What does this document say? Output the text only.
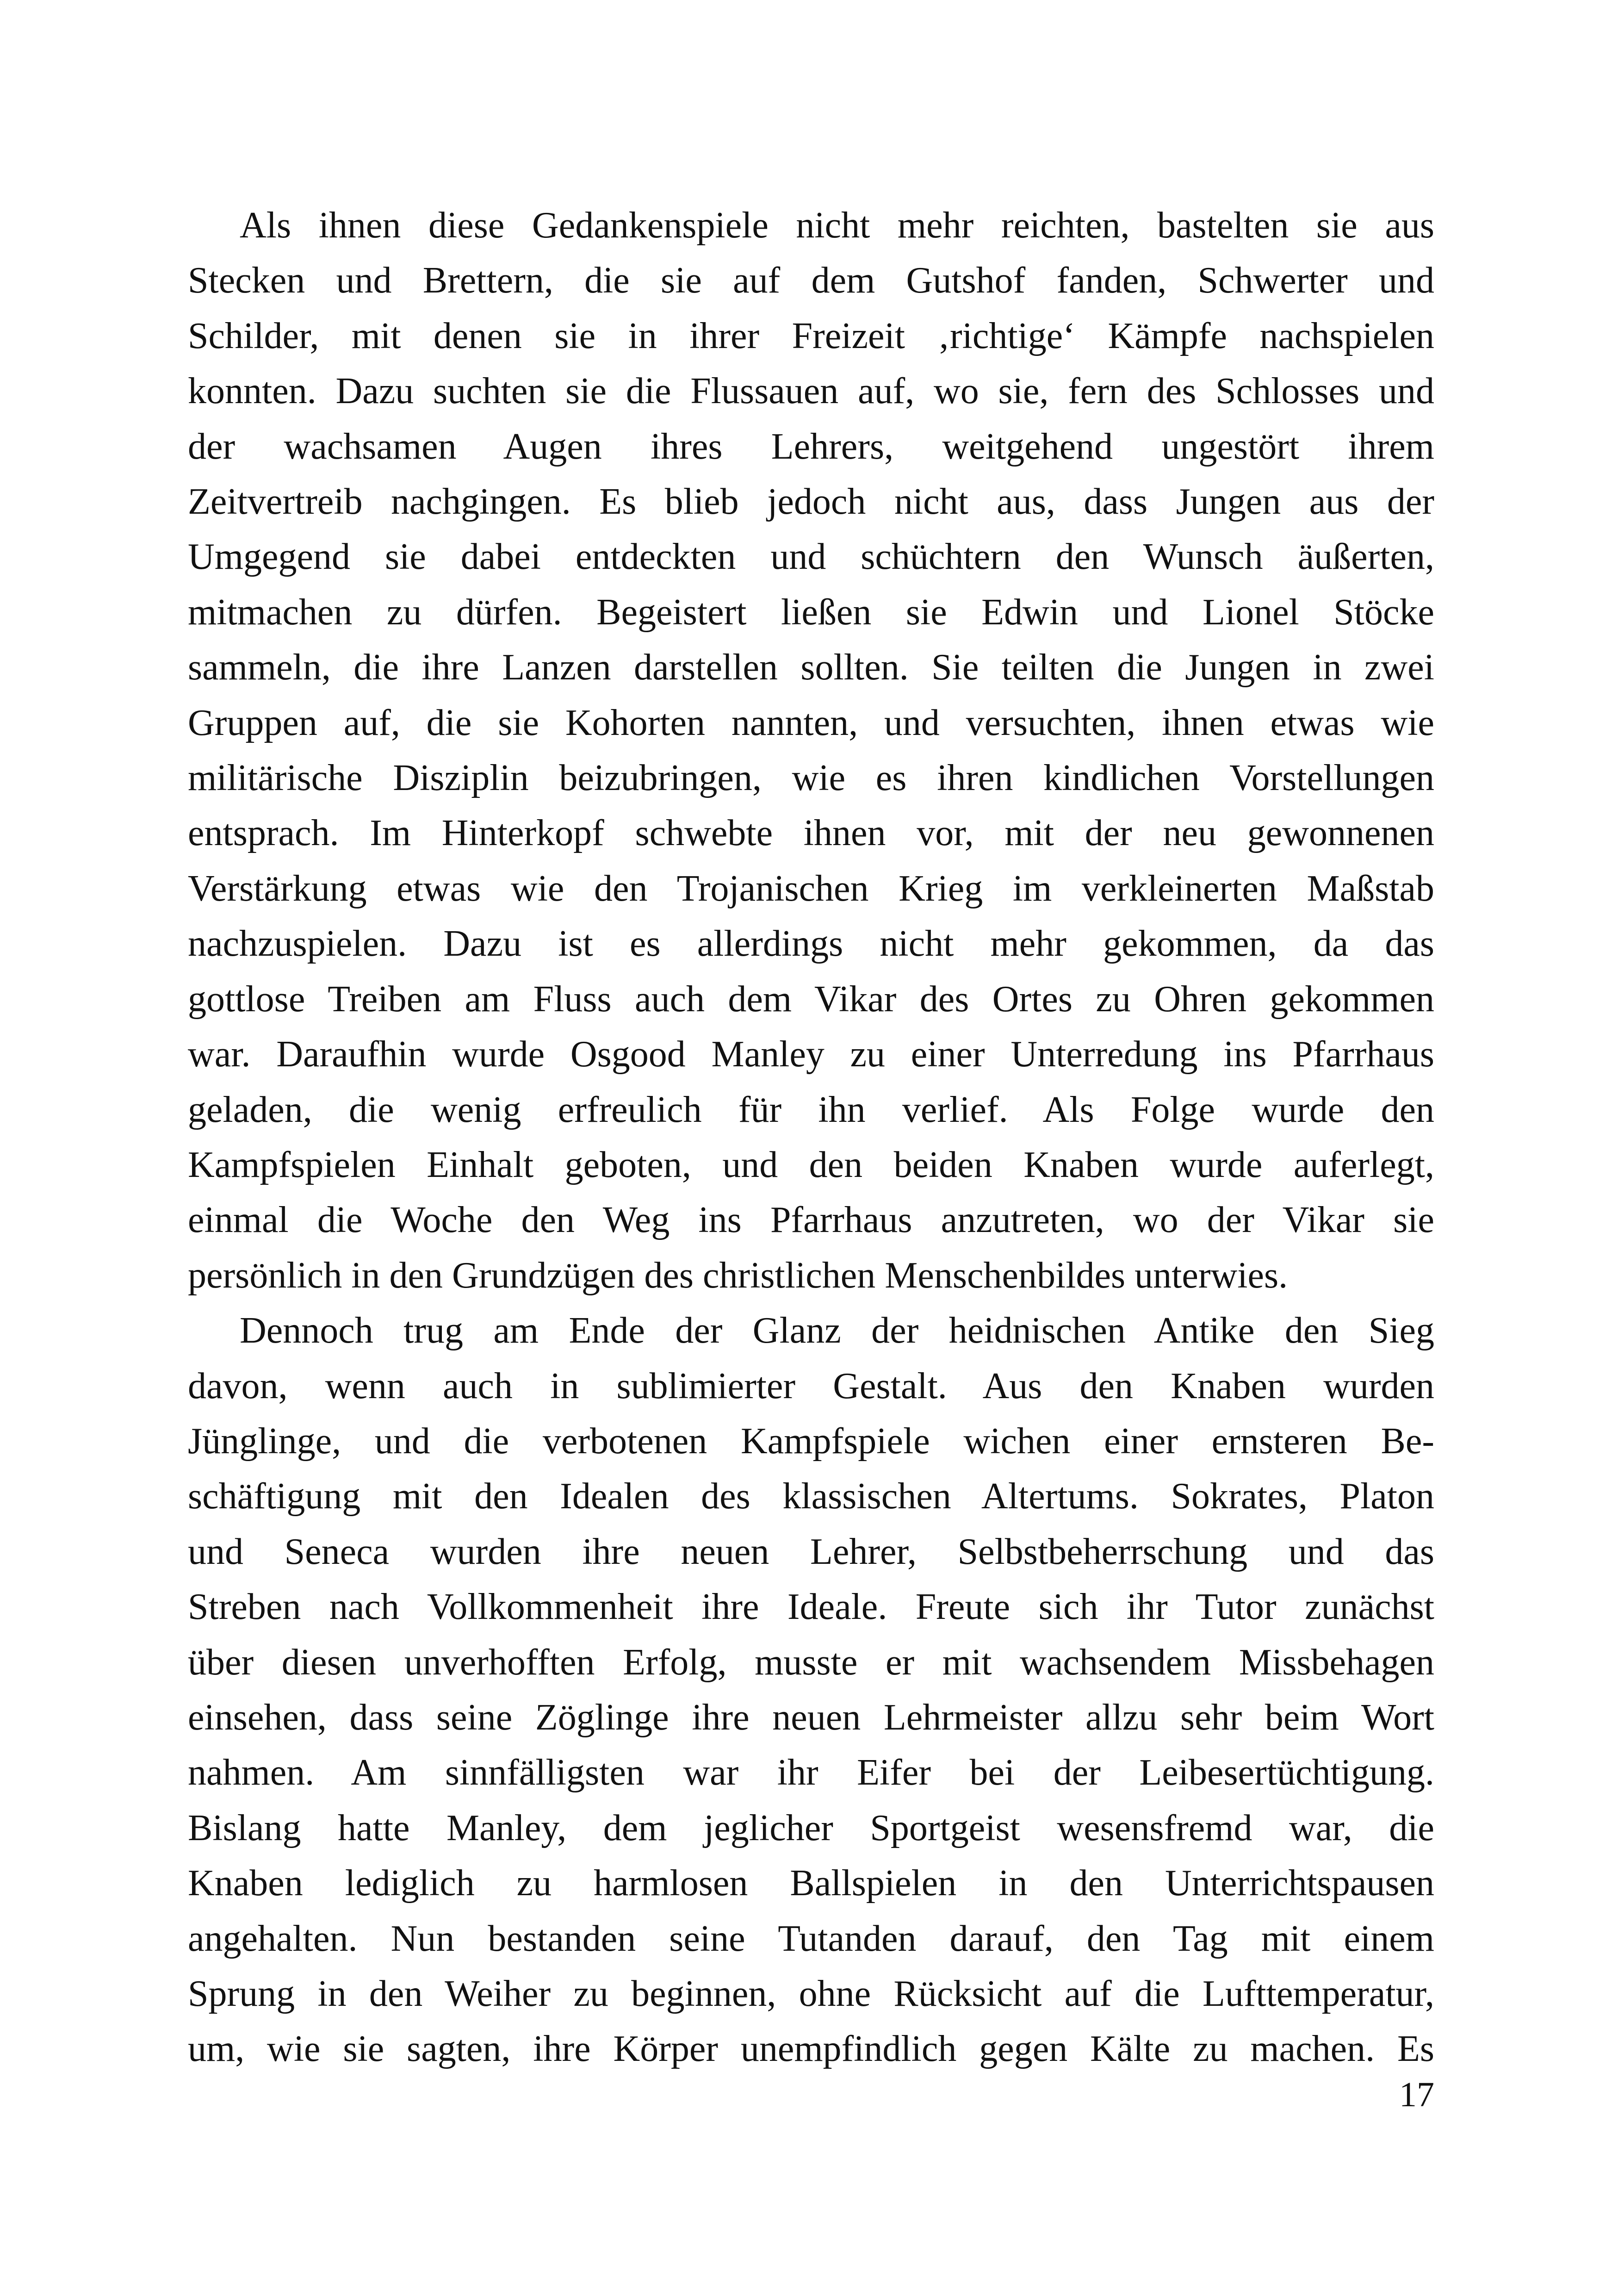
Als ihnen diese Gedankenspiele nicht mehr reichten, bastelten sie aus
Stecken und Brettern, die sie auf dem Gutshof fanden, Schwerter und
Schilder, mit denen sie in ihrer Freizeit ‚richtige‘ Kämpfe nachspielen
konnten. Dazu suchten sie die Flussauen auf, wo sie, fern des Schlosses und
der wachsamen Augen ihres Lehrers, weitgehend ungestört ihrem
Zeitvertreib nachgingen. Es blieb jedoch nicht aus, dass Jungen aus der
Umgegend sie dabei entdeckten und schüchtern den Wunsch äußerten,
mitmachen zu dürfen. Begeistert ließen sie Edwin und Lionel Stöcke
sammeln, die ihre Lanzen darstellen sollten. Sie teilten die Jungen in zwei
Gruppen auf, die sie Kohorten nannten, und versuchten, ihnen etwas wie
militärische Disziplin beizubringen, wie es ihren kindlichen Vorstellungen
entsprach. Im Hinterkopf schwebte ihnen vor, mit der neu gewonnenen
Verstärkung etwas wie den Trojanischen Krieg im verkleinerten Maßstab
nachzuspielen. Dazu ist es allerdings nicht mehr gekommen, da das
gottlose Treiben am Fluss auch dem Vikar des Ortes zu Ohren gekommen
war. Daraufhin wurde Osgood Manley zu einer Unterredung ins Pfarrhaus
geladen, die wenig erfreulich für ihn verlief. Als Folge wurde den
Kampfspielen Einhalt geboten, und den beiden Knaben wurde auferlegt,
einmal die Woche den Weg ins Pfarrhaus anzutreten, wo der Vikar sie
persönlich in den Grundzügen des christlichen Menschenbildes unterwies.

Dennoch trug am Ende der Glanz der heidnischen Antike den Sieg
davon, wenn auch in sublimierter Gestalt. Aus den Knaben wurden
Jünglinge, und die verbotenen Kampfspiele wichen einer ernsteren Be-
schäftigung mit den Idealen des klassischen Altertums. Sokrates, Platon
und Seneca wurden ihre neuen Lehrer, Selbstbeherrschung und das
Streben nach Vollkommenheit ihre Ideale. Freute sich ihr Tutor zunächst
über diesen unverhofften Erfolg, musste er mit wachsendem Missbehagen
einsehen, dass seine Zöglinge ihre neuen Lehrmeister allzu sehr beim Wort
nahmen. Am sinnfälligsten war ihr Eifer bei der Leibesertüchtigung.
Bislang hatte Manley, dem jeglicher Sportgeist wesensfremd war, die
Knaben lediglich zu harmlosen Ballspielen in den Unterrichtspausen
angehalten. Nun bestanden seine Tutanden darauf, den Tag mit einem
Sprung in den Weiher zu beginnen, ohne Rücksicht auf die Lufttemperatur,
um, wie sie sagten, ihre Körper unempfindlich gegen Kälte zu machen. Es

17
